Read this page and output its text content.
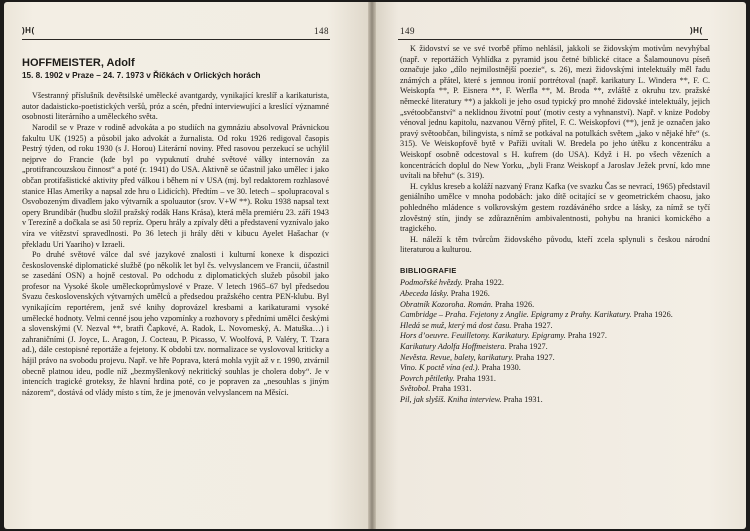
)H(	148	149	)H(
HOFFMEISTER, Adolf
15. 8. 1902 v Praze – 24. 7. 1973 v Říčkách v Orlických horách

Všestranný příslušník devětsilské umělecké avantgardy, vynikající kreslíř a karikaturista, autor dadaisticko-poetistických veršů, próz a scén, přední interviewující a kreslící významné osobnosti literárního a uměleckého světa.

Narodil se v Praze v rodině advokáta a po studiích na gymnáziu absolvoval Právnickou fakultu UK (1925) a působil jako advokát a žurnalista. Od roku 1926 redigoval časopis Pestrý týden, od roku 1930 (s J. Horou) Literární noviny. Před rasovou perzekucí se uchýlil nejprve do Francie (kde byl po vypuknutí druhé světové války internován za „protifrancouzskou činnost“ a poté (r. 1941) do USA. Aktivně se účastnil jako umělec i jako občan protifašistické aktivity před válkou i během ní v USA (mj. byl redaktorem rozhlasové stanice Hlas Ameriky a napsal zde hru o Lidicích). Předtím – ve 30. letech – spolupracoval s Osvobozeným divadlem jako výtvarník a spoluautor (srov. V+W **). Roku 1938 napsal text opery Brundibár (hudbu složil pražský rodák Hans Krása), která měla premiéru 23. září 1943 v Terezíně a dočkala se asi 50 repríz. Operu hrály a zpívaly děti a představení vyznívalo jako víra ve vítězství spravedlnosti. Po 36 letech ji hrály děti v kibucu Ayelet Hašachar (v překladu Uri Yaariho) v Izraeli.

Po druhé světové válce dal své jazykové znalosti i kulturní konexe k dispozici československé diplomatické službě (po několik let byl čs. velvyslancem ve Francii, účastnil se zasedání OSN) a hojně cestoval. Po odchodu z diplomatických služeb působil jako profesor na Vysoké škole uměleckoprůmyslové v Praze. V letech 1965–67 byl předsedou Svazu československých výtvarných umělců a předsedou pražského centra PEN-klubu. Byl vynikajícím reportérem, jenž své knihy doprovázel kresbami a karikaturami vysoké umělecké hodnoty. Velmi cenné jsou jeho vzpomínky a rozhovory s předními umělci českými a slovenskými (V. Nezval **, bratři Čapkové, A. Radok, L. Novomeský, A. Matuška…) i zahraničními (J. Joyce, L. Aragon, J. Cocteau, P. Picasso, V. Woolfová, P. Valéry, T. Tzara ad.), dále cestopisné reportáže a fejetony. K obdobì tzv. normalizace se vyslovoval kriticky a hájil právo na svobodu projevu. Např. ve hře Poprava, která mohla vyjít až v r. 1990, ztvárnil obecně platnou ideu, podle níž „bezmyšlenkový nekritický souhlas je cholera doby“. Je v intencích tragické groteksy, že hlavní hrdina poté, co je popraven za „nesouhlas s jiným názorem“, dostává od vlády místo s tím, že je jmenován velvyslancem na Měsíci.

K židovství se ve své tvorbě přímo nehlásil, jakkoli se židovským motivům nevyhýbal (např. v reportážích Vyhlídka z pyramid jsou četné biblické citace a Šalamounovu píseň označuje jako „dílo nejmilostnější poezie“, s. 26), mezi židovskými intelektuály měl řadu známých a přátel, které s jemnou ironií portrétoval (např. karikatury L. Windera **, F. C. Weiskopfa **, P. Eisnera **, F. Werfla **, M. Broda **, zvláště z okruhu tzv. pražské německé literatury **) a jakkoli je jeho osud typický pro mnohé židovské intelektuály, jejich „svétoobčanství“ a neklidnou životní pouť (motiv cesty a vyhnanství). Např. v knize Podoby vénoval jednu kapitolu, nazvanou Věrný přítel, F. C. Weiskopfovi (**), jenž je označen jako pravý světoobčan, bilingvista, s nímž se potkával na potulkách světem „jako v nějaké hře“ (s. 315). Ve Weiskopfově bytě v Paříži uvítali W. Bredela po jeho útěku z koncentráku a Weiskopf osobně odcestoval s H. kufrem (do USA). Když i H. po všech vězeních a koncentrácích doplul do New Yorku, „byli Franz Weiskopf a Jaroslav Ježek první, kdo mne uvítali na břehu“ (s. 319).

H. cyklus kreseb a koláží nazvaný Franz Kafka (ve svazku Čas se nevrací, 1965) představil geniálního umělce v mnoha podobách: jako dítě ocitající se v geometrickém chaosu, jako pohledného mládence s volkrovským gestem rozdáváného srdce a lásky, za nímž se tyčí zlověstný stín, jindy se zdůrazněním ambivalentnosti, pohybu na hranici komického a tragického.

H. náleží k těm tvůrcům židovského původu, kteří zcela splynuli s českou národní literaturou a kulturou.

BIBLIOGRAFIE
Podmořské hvězdy. Praha 1922.
Abeceda lásky. Praha 1926.
Obratník Kozoroha. Román. Praha 1926.
Cambridge – Praha. Fejetony z Anglie. Epigramy z Prahy. Karikatury. Praha 1926.
Hledá se muž, který má dost času. Praha 1927.
Hors d’oeuvre. Feuilletony. Karikatury. Epigramy. Praha 1927.
Karikatury Adolfa Hoffmeistera. Praha 1927.
Nevěsta. Revue, balety, karikatury. Praha 1927.
Vino. K poctě vína (ed.). Praha 1930.
Povrch pětiletky. Praha 1931.
Světobol. Praha 1931.
Pil, jak slyšíš. Kniha interview. Praha 1931.
